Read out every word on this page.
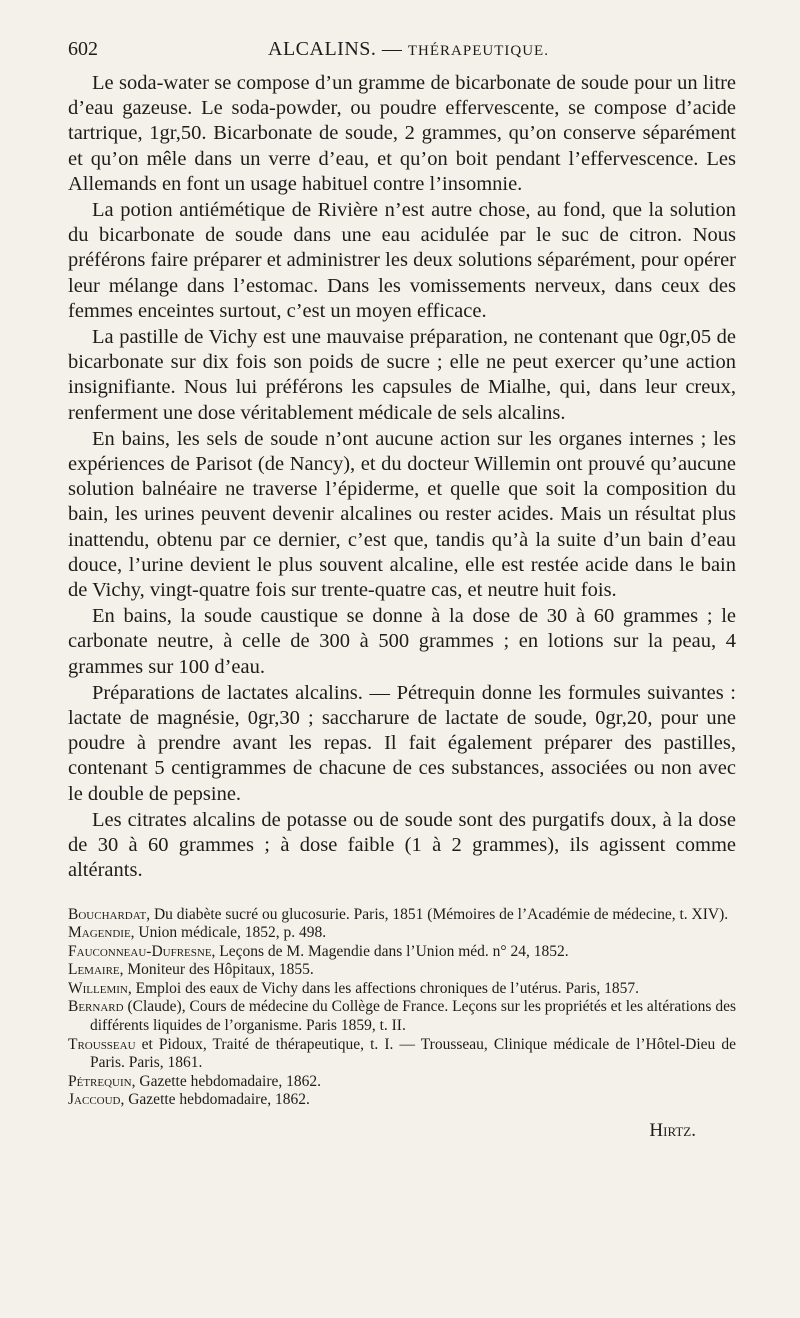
602	ALCALINS. — THÉRAPEUTIQUE.

Le soda-water se compose d’un gramme de bicarbonate de soude pour un litre d’eau gazeuse. Le soda-powder, ou poudre effervescente, se compose d’acide tartrique, 1gr,50. Bicarbonate de soude, 2 grammes, qu’on conserve séparément et qu’on mêle dans un verre d’eau, et qu’on boit pendant l’effervescence. Les Allemands en font un usage habituel contre l’insomnie.

La potion antiémétique de Rivière n’est autre chose, au fond, que la solution du bicarbonate de soude dans une eau acidulée par le suc de citron. Nous préférons faire préparer et administrer les deux solutions séparément, pour opérer leur mélange dans l’estomac. Dans les vomissements nerveux, dans ceux des femmes enceintes surtout, c’est un moyen efficace.

La pastille de Vichy est une mauvaise préparation, ne contenant que 0gr,05 de bicarbonate sur dix fois son poids de sucre ; elle ne peut exercer qu’une action insignifiante. Nous lui préférons les capsules de Mialhe, qui, dans leur creux, renferment une dose véritablement médicale de sels alcalins.

En bains, les sels de soude n’ont aucune action sur les organes internes ; les expériences de Parisot (de Nancy), et du docteur Willemin ont prouvé qu’aucune solution balnéaire ne traverse l’épiderme, et quelle que soit la composition du bain, les urines peuvent devenir alcalines ou rester acides. Mais un résultat plus inattendu, obtenu par ce dernier, c’est que, tandis qu’à la suite d’un bain d’eau douce, l’urine devient le plus souvent alcaline, elle est restée acide dans le bain de Vichy, vingt-quatre fois sur trente-quatre cas, et neutre huit fois.

En bains, la soude caustique se donne à la dose de 30 à 60 grammes ; le carbonate neutre, à celle de 300 à 500 grammes ; en lotions sur la peau, 4 grammes sur 100 d’eau.

Préparations de lactates alcalins. — Pétrequin donne les formules suivantes : lactate de magnésie, 0gr,30 ; saccharure de lactate de soude, 0gr,20, pour une poudre à prendre avant les repas. Il fait également préparer des pastilles, contenant 5 centigrammes de chacune de ces substances, associées ou non avec le double de pepsine.

Les citrates alcalins de potasse ou de soude sont des purgatifs doux, à la dose de 30 à 60 grammes ; à dose faible (1 à 2 grammes), ils agissent comme altérants.

Bouchardat, Du diabète sucré ou glucosurie. Paris, 1851 (Mémoires de l’Académie de médecine, t. XIV).
Magendie, Union médicale, 1852, p. 498.
Fauconneau-Dufresne, Leçons de M. Magendie dans l’Union méd. n° 24, 1852.
Lemaire, Moniteur des Hôpitaux, 1855.
Willemin, Emploi des eaux de Vichy dans les affections chroniques de l’utérus. Paris, 1857.
Bernard (Claude), Cours de médecine du Collège de France. Leçons sur les propriétés et les altérations des différents liquides de l’organisme. Paris 1859, t. II.
Trousseau et Pidoux, Traité de thérapeutique, t. I. — Trousseau, Clinique médicale de l’Hôtel-Dieu de Paris. Paris, 1861.
Pétrequin, Gazette hebdomadaire, 1862.
Jaccoud, Gazette hebdomadaire, 1862.
Hirtz.
